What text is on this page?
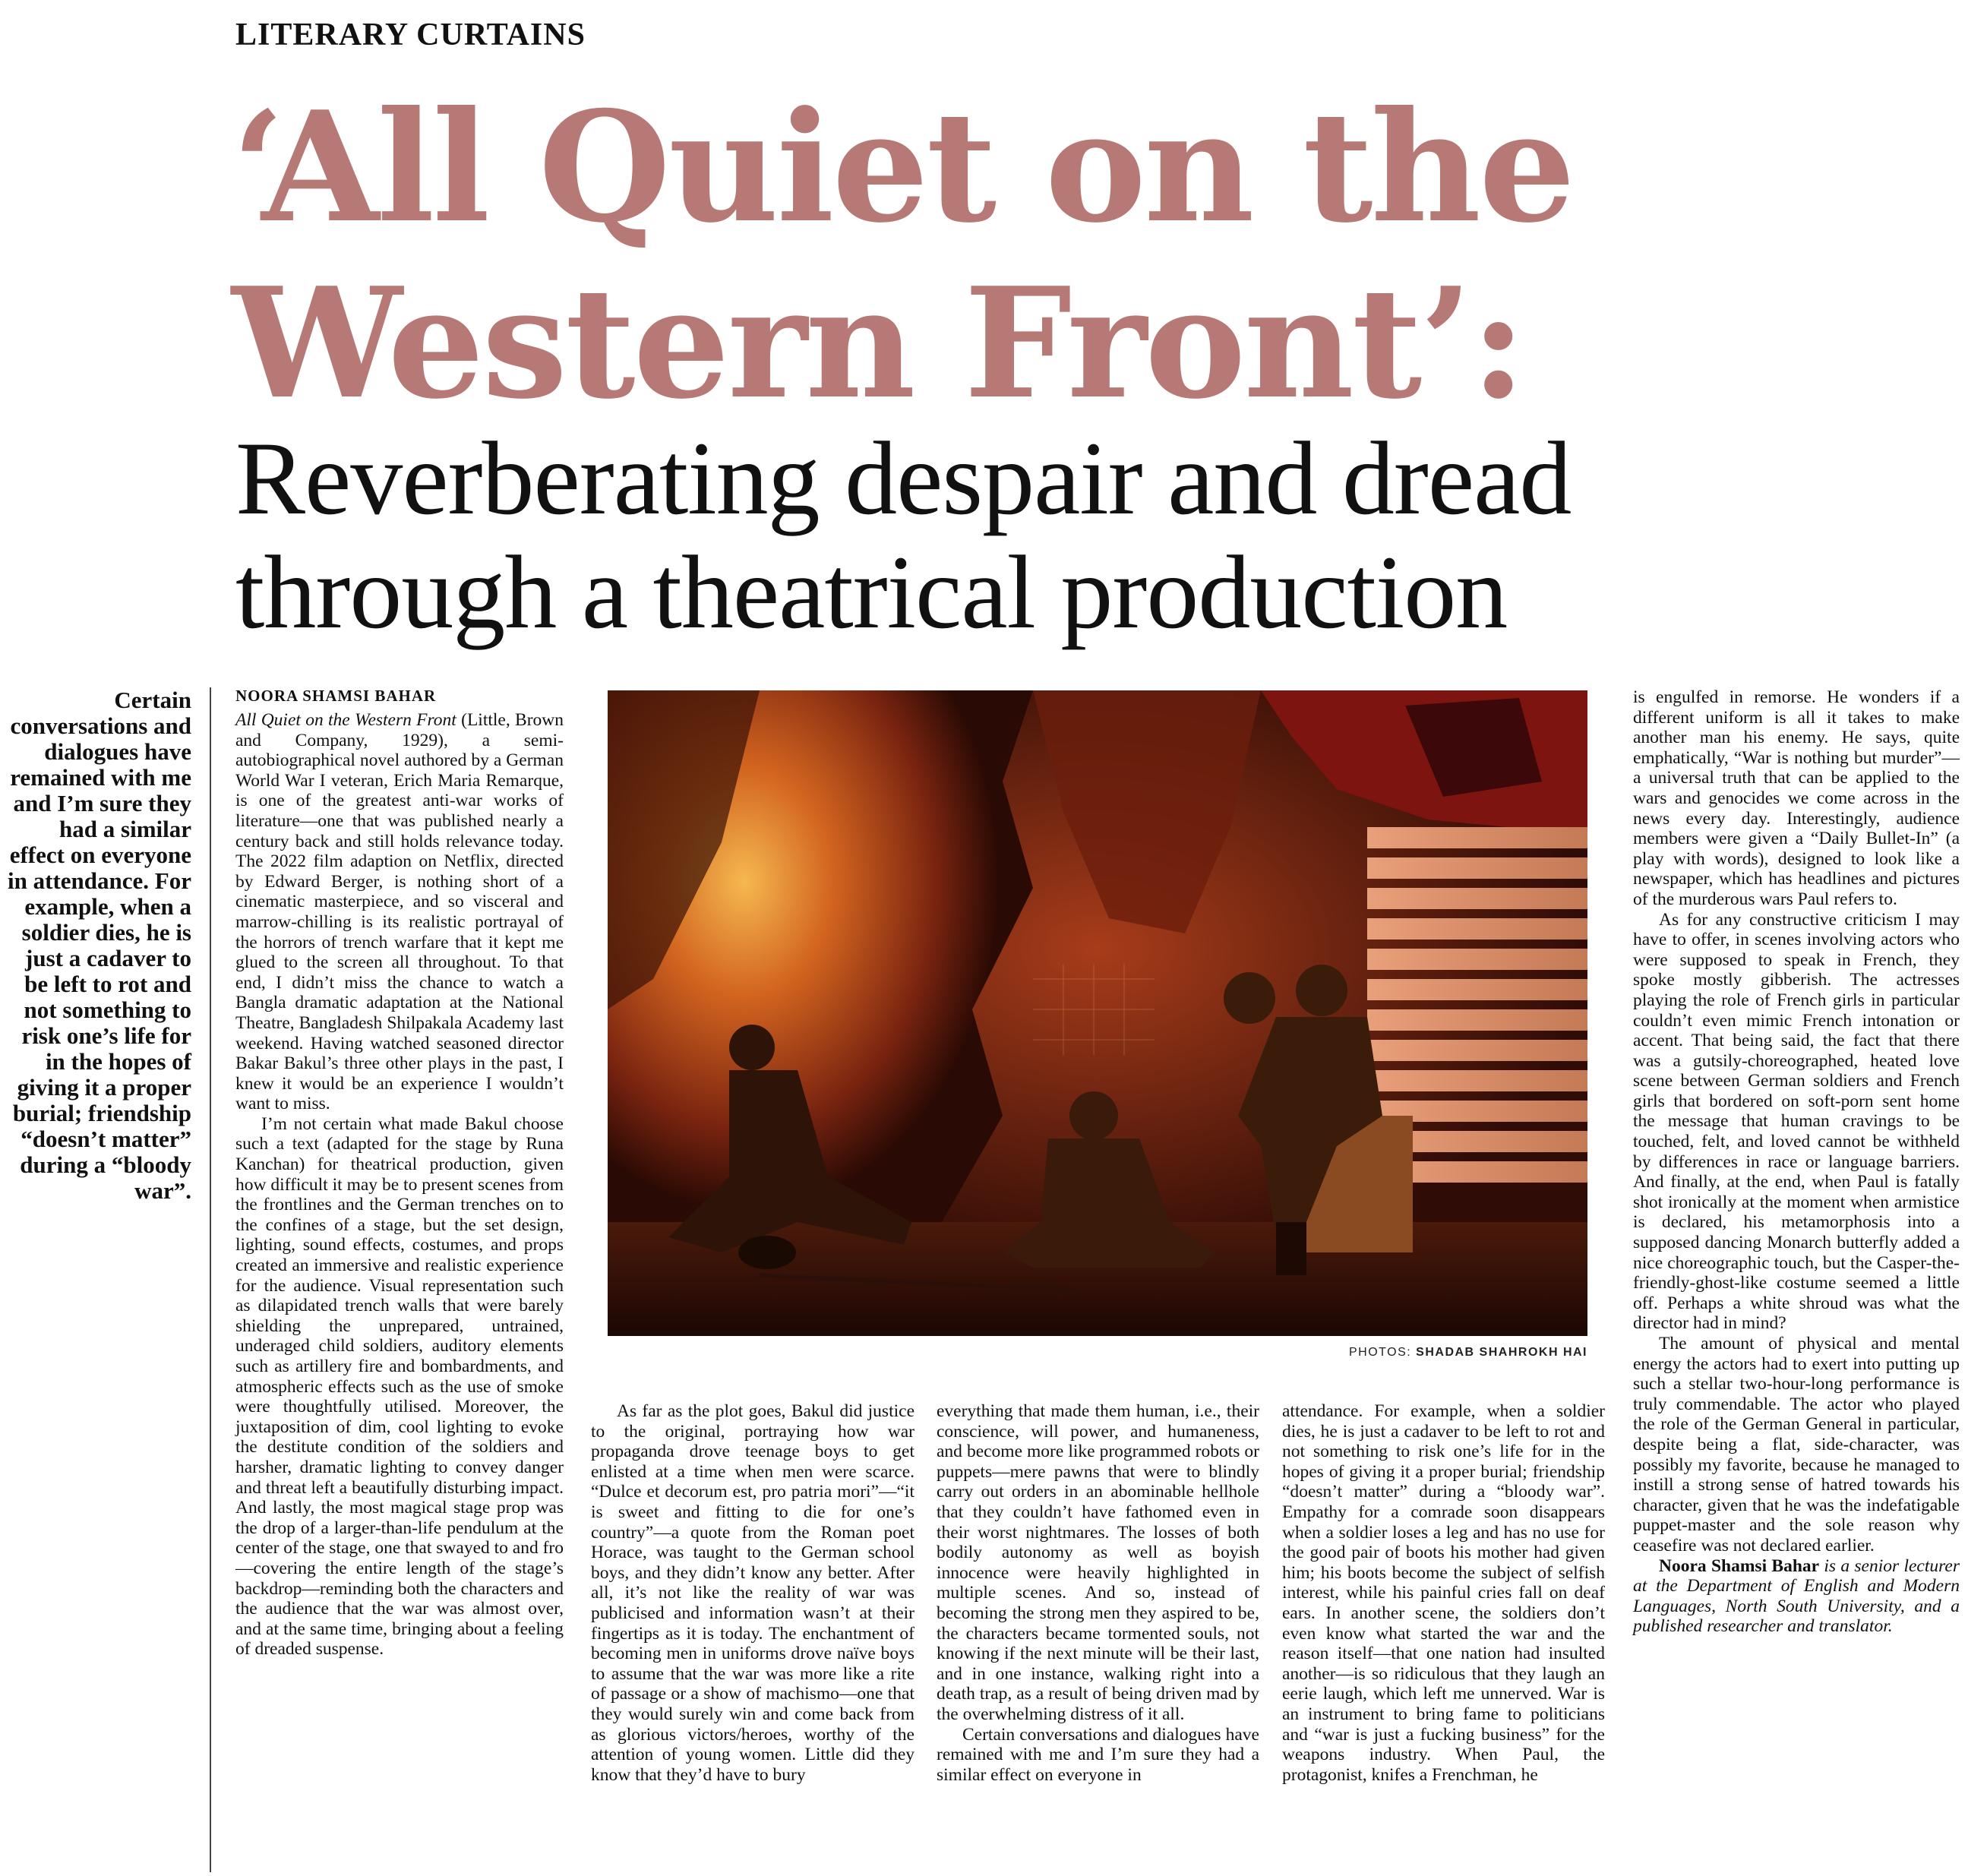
LITERARY CURTAINS
‘All Quiet on the
Western Front’:
Reverberating despair and dread
through a theatrical production
Certain conversations and dialogues have remained with me and I’m sure they had a similar effect on everyone in attendance. For example, when a soldier dies, he is just a cadaver to be left to rot and not something to risk one’s life for in the hopes of giving it a proper burial; friendship “doesn’t matter” during a “bloody war”.
NOORA SHAMSI BAHAR

All Quiet on the Western Front (Little, Brown and Company, 1929), a semi-autobiographical novel authored by a German World War I veteran, Erich Maria Remarque, is one of the greatest anti-war works of literature—one that was published nearly a century back and still holds relevance today. The 2022 film adaption on Netflix, directed by Edward Berger, is nothing short of a cinematic masterpiece, and so visceral and marrow-chilling is its realistic portrayal of the horrors of trench warfare that it kept me glued to the screen all throughout. To that end, I didn’t miss the chance to watch a Bangla dramatic adaptation at the National Theatre, Bangladesh Shilpakala Academy last weekend. Having watched seasoned director Bakar Bakul’s three other plays in the past, I knew it would be an experience I wouldn’t want to miss.

I’m not certain what made Bakul choose such a text (adapted for the stage by Runa Kanchan) for theatrical production, given how difficult it may be to present scenes from the frontlines and the German trenches on to the confines of a stage, but the set design, lighting, sound effects, costumes, and props created an immersive and realistic experience for the audience. Visual representation such as dilapidated trench walls that were barely shielding the unprepared, untrained, underaged child soldiers, auditory elements such as artillery fire and bombardments, and atmospheric effects such as the use of smoke were thoughtfully utilised. Moreover, the juxtaposition of dim, cool lighting to evoke the destitute condition of the soldiers and harsher, dramatic lighting to convey danger and threat left a beautifully disturbing impact. And lastly, the most magical stage prop was the drop of a larger-than-life pendulum at the center of the stage, one that swayed to and fro—covering the entire length of the stage’s backdrop—reminding both the characters and the audience that the war was almost over, and at the same time, bringing about a feeling of dreaded suspense.

PHOTOS: SHADAB SHAHROKH HAI

As far as the plot goes, Bakul did justice to the original, portraying how war propaganda drove teenage boys to get enlisted at a time when men were scarce. “Dulce et decorum est, pro patria mori”—“it is sweet and fitting to die for one’s country”—a quote from the Roman poet Horace, was taught to the German school boys, and they didn’t know any better. After all, it’s not like the reality of war was publicised and information wasn’t at their fingertips as it is today. The enchantment of becoming men in uniforms drove naïve boys to assume that the war was more like a rite of passage or a show of machismo—one that they would surely win and come back from as glorious victors/heroes, worthy of the attention of young women. Little did they know that they’d have to bury

everything that made them human, i.e., their conscience, will power, and humaneness, and become more like programmed robots or puppets—mere pawns that were to blindly carry out orders in an abominable hellhole that they couldn’t have fathomed even in their worst nightmares. The losses of both bodily autonomy as well as boyish innocence were heavily highlighted in multiple scenes. And so, instead of becoming the strong men they aspired to be, the characters became tormented souls, not knowing if the next minute will be their last, and in one instance, walking right into a death trap, as a result of being driven mad by the overwhelming distress of it all.

Certain conversations and dialogues have remained with me and I’m sure they had a similar effect on everyone in

attendance. For example, when a soldier dies, he is just a cadaver to be left to rot and not something to risk one’s life for in the hopes of giving it a proper burial; friendship “doesn’t matter” during a “bloody war”. Empathy for a comrade soon disappears when a soldier loses a leg and has no use for the good pair of boots his mother had given him; his boots become the subject of selfish interest, while his painful cries fall on deaf ears. In another scene, the soldiers don’t even know what started the war and the reason itself—that one nation had insulted another—is so ridiculous that they laugh an eerie laugh, which left me unnerved. War is an instrument to bring fame to politicians and “war is just a fucking business” for the weapons industry. When Paul, the protagonist, knifes a Frenchman, he

is engulfed in remorse. He wonders if a different uniform is all it takes to make another man his enemy. He says, quite emphatically, “War is nothing but murder”—a universal truth that can be applied to the wars and genocides we come across in the news every day. Interestingly, audience members were given a “Daily Bullet-In” (a play with words), designed to look like a newspaper, which has headlines and pictures of the murderous wars Paul refers to.

As for any constructive criticism I may have to offer, in scenes involving actors who were supposed to speak in French, they spoke mostly gibberish. The actresses playing the role of French girls in particular couldn’t even mimic French intonation or accent. That being said, the fact that there was a gutsily-choreographed, heated love scene between German soldiers and French girls that bordered on soft-porn sent home the message that human cravings to be touched, felt, and loved cannot be withheld by differences in race or language barriers. And finally, at the end, when Paul is fatally shot ironically at the moment when armistice is declared, his metamorphosis into a supposed dancing Monarch butterfly added a nice choreographic touch, but the Casper-the-friendly-ghost-like costume seemed a little off. Perhaps a white shroud was what the director had in mind?

The amount of physical and mental energy the actors had to exert into putting up such a stellar two-hour-long performance is truly commendable. The actor who played the role of the German General in particular, despite being a flat, side-character, was possibly my favorite, because he managed to instill a strong sense of hatred towards his character, given that he was the indefatigable puppet-master and the sole reason why ceasefire was not declared earlier.

Noora Shamsi Bahar is a senior lecturer at the Department of English and Modern Languages, North South University, and a published researcher and translator.
